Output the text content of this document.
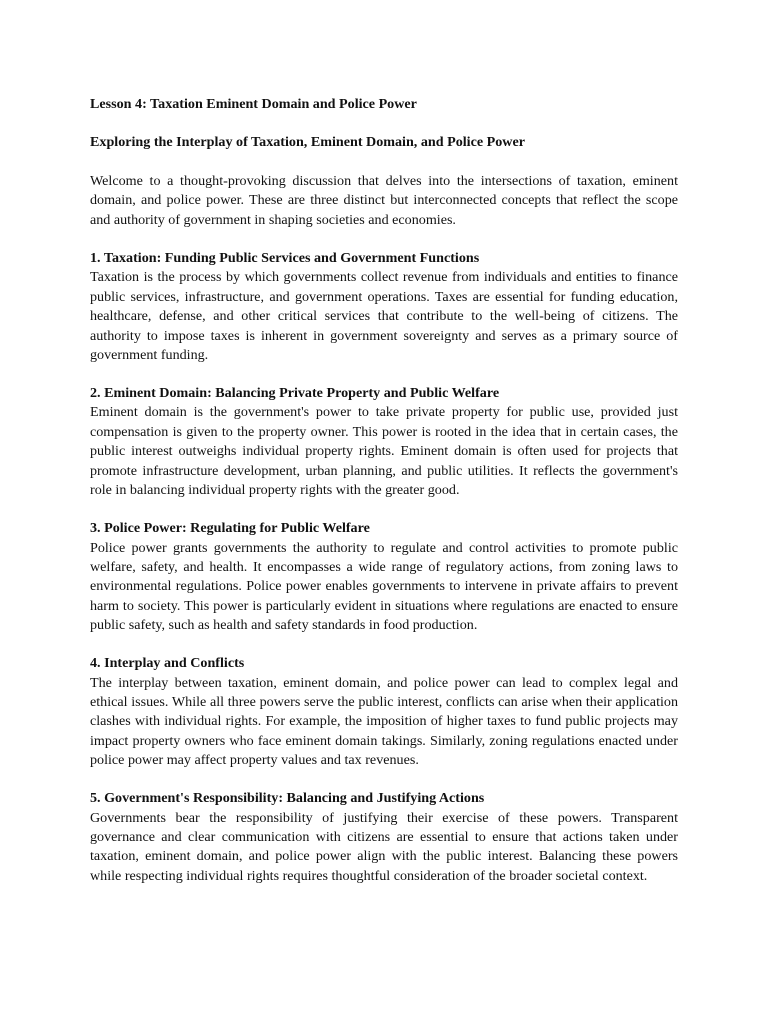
Lesson 4: Taxation Eminent Domain and Police Power

Exploring the Interplay of Taxation, Eminent Domain, and Police Power

Welcome to a thought-provoking discussion that delves into the intersections of taxation, eminent domain, and police power. These are three distinct but interconnected concepts that reflect the scope and authority of government in shaping societies and economies.

1. Taxation: Funding Public Services and Government Functions

Taxation is the process by which governments collect revenue from individuals and entities to finance public services, infrastructure, and government operations. Taxes are essential for funding education, healthcare, defense, and other critical services that contribute to the well-being of citizens. The authority to impose taxes is inherent in government sovereignty and serves as a primary source of government funding.

2. Eminent Domain: Balancing Private Property and Public Welfare

Eminent domain is the government's power to take private property for public use, provided just compensation is given to the property owner. This power is rooted in the idea that in certain cases, the public interest outweighs individual property rights. Eminent domain is often used for projects that promote infrastructure development, urban planning, and public utilities. It reflects the government's role in balancing individual property rights with the greater good.

3. Police Power: Regulating for Public Welfare

Police power grants governments the authority to regulate and control activities to promote public welfare, safety, and health. It encompasses a wide range of regulatory actions, from zoning laws to environmental regulations. Police power enables governments to intervene in private affairs to prevent harm to society. This power is particularly evident in situations where regulations are enacted to ensure public safety, such as health and safety standards in food production.

4. Interplay and Conflicts

The interplay between taxation, eminent domain, and police power can lead to complex legal and ethical issues. While all three powers serve the public interest, conflicts can arise when their application clashes with individual rights. For example, the imposition of higher taxes to fund public projects may impact property owners who face eminent domain takings. Similarly, zoning regulations enacted under police power may affect property values and tax revenues.

5. Government's Responsibility: Balancing and Justifying Actions

Governments bear the responsibility of justifying their exercise of these powers. Transparent governance and clear communication with citizens are essential to ensure that actions taken under taxation, eminent domain, and police power align with the public interest. Balancing these powers while respecting individual rights requires thoughtful consideration of the broader societal context.
